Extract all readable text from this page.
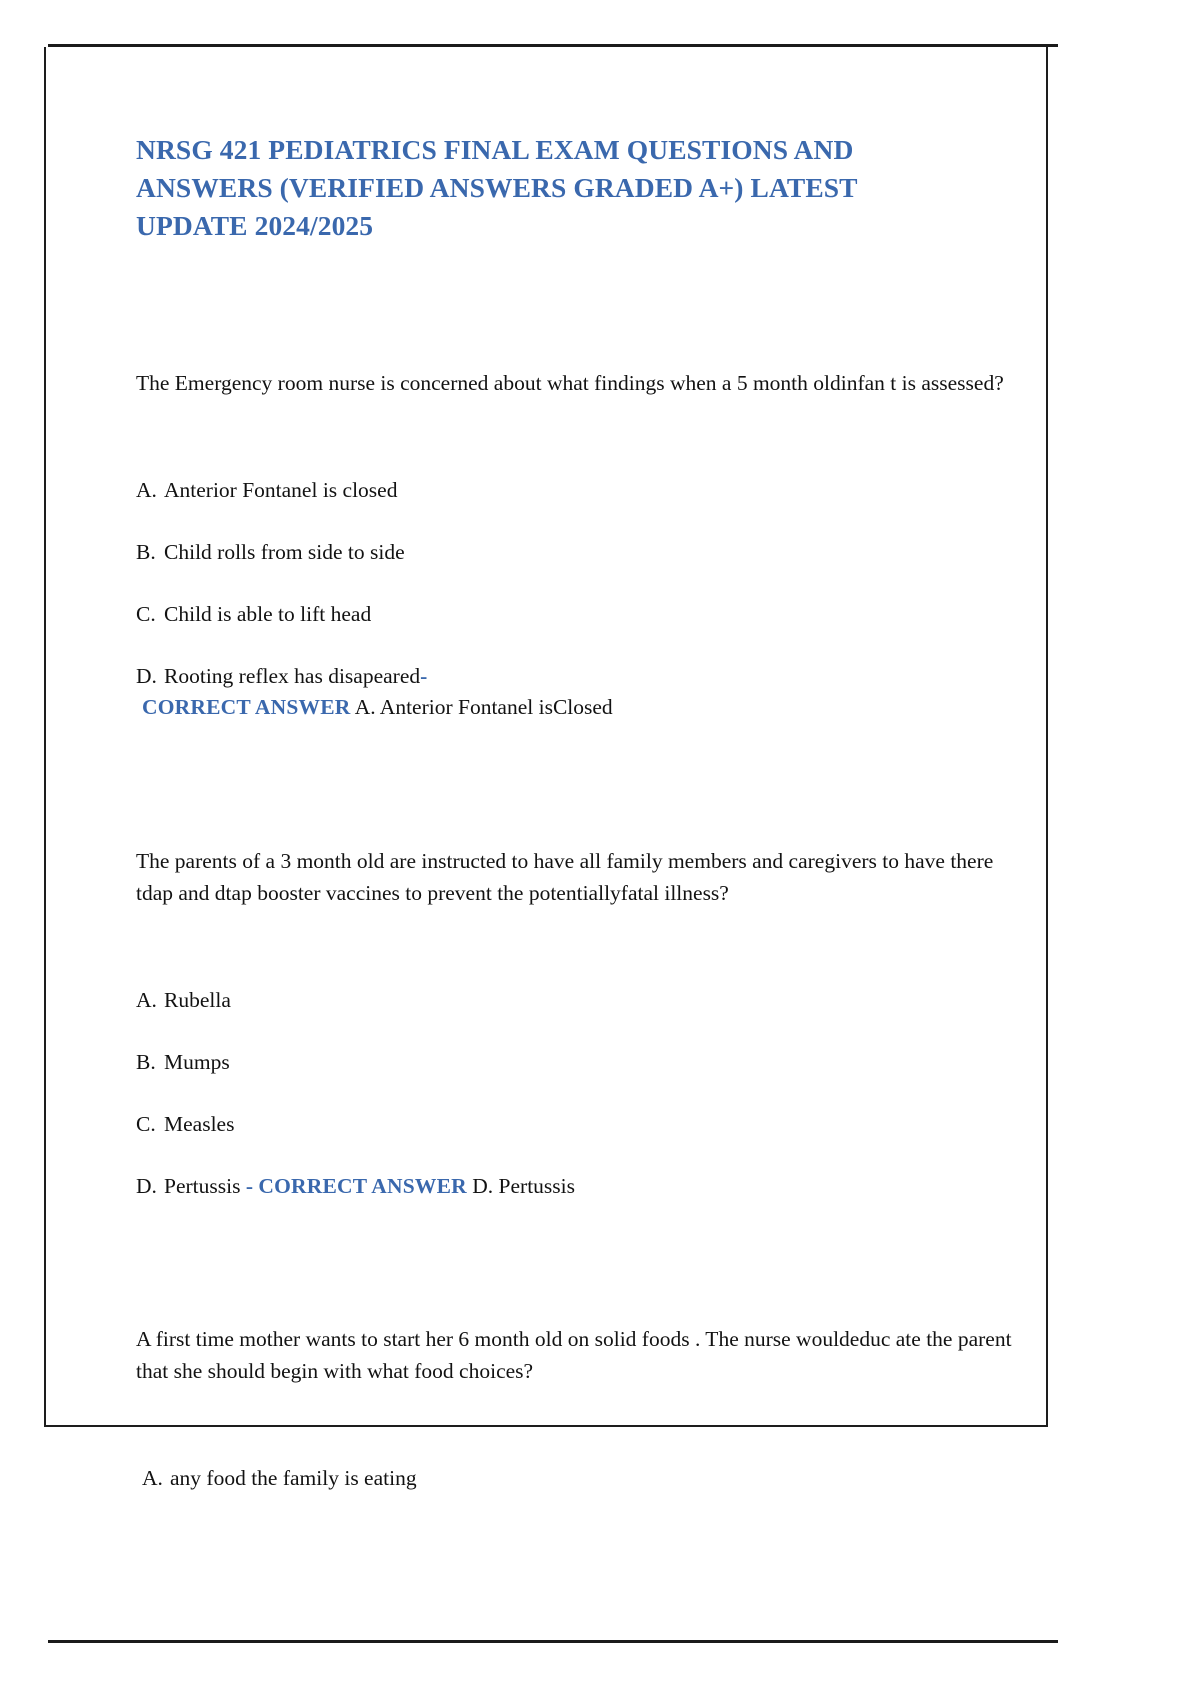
NRSG 421 PEDIATRICS FINAL EXAM QUESTIONS AND ANSWERS (VERIFIED ANSWERS GRADED A+) LATEST UPDATE 2024/2025

The Emergency room nurse is concerned about what findings when a 5 month oldinfan t is assessed?

A. Anterior Fontanel is closed
B. Child rolls from side to side
C. Child is able to lift head
D. Rooting reflex has disapeared-
CORRECT ANSWER A. Anterior Fontanel isClosed

The parents of a 3 month old are instructed to have all family members and caregivers to have there tdap and dtap booster vaccines to prevent the potentiallyfatal illness?

A. Rubella
B. Mumps
C. Measles
D. Pertussis - CORRECT ANSWER D. Pertussis

A first time mother wants to start her 6 month old on solid foods . The nurse wouldeduc ate the parent that she should begin with what food choices?

A. any food the family is eating
